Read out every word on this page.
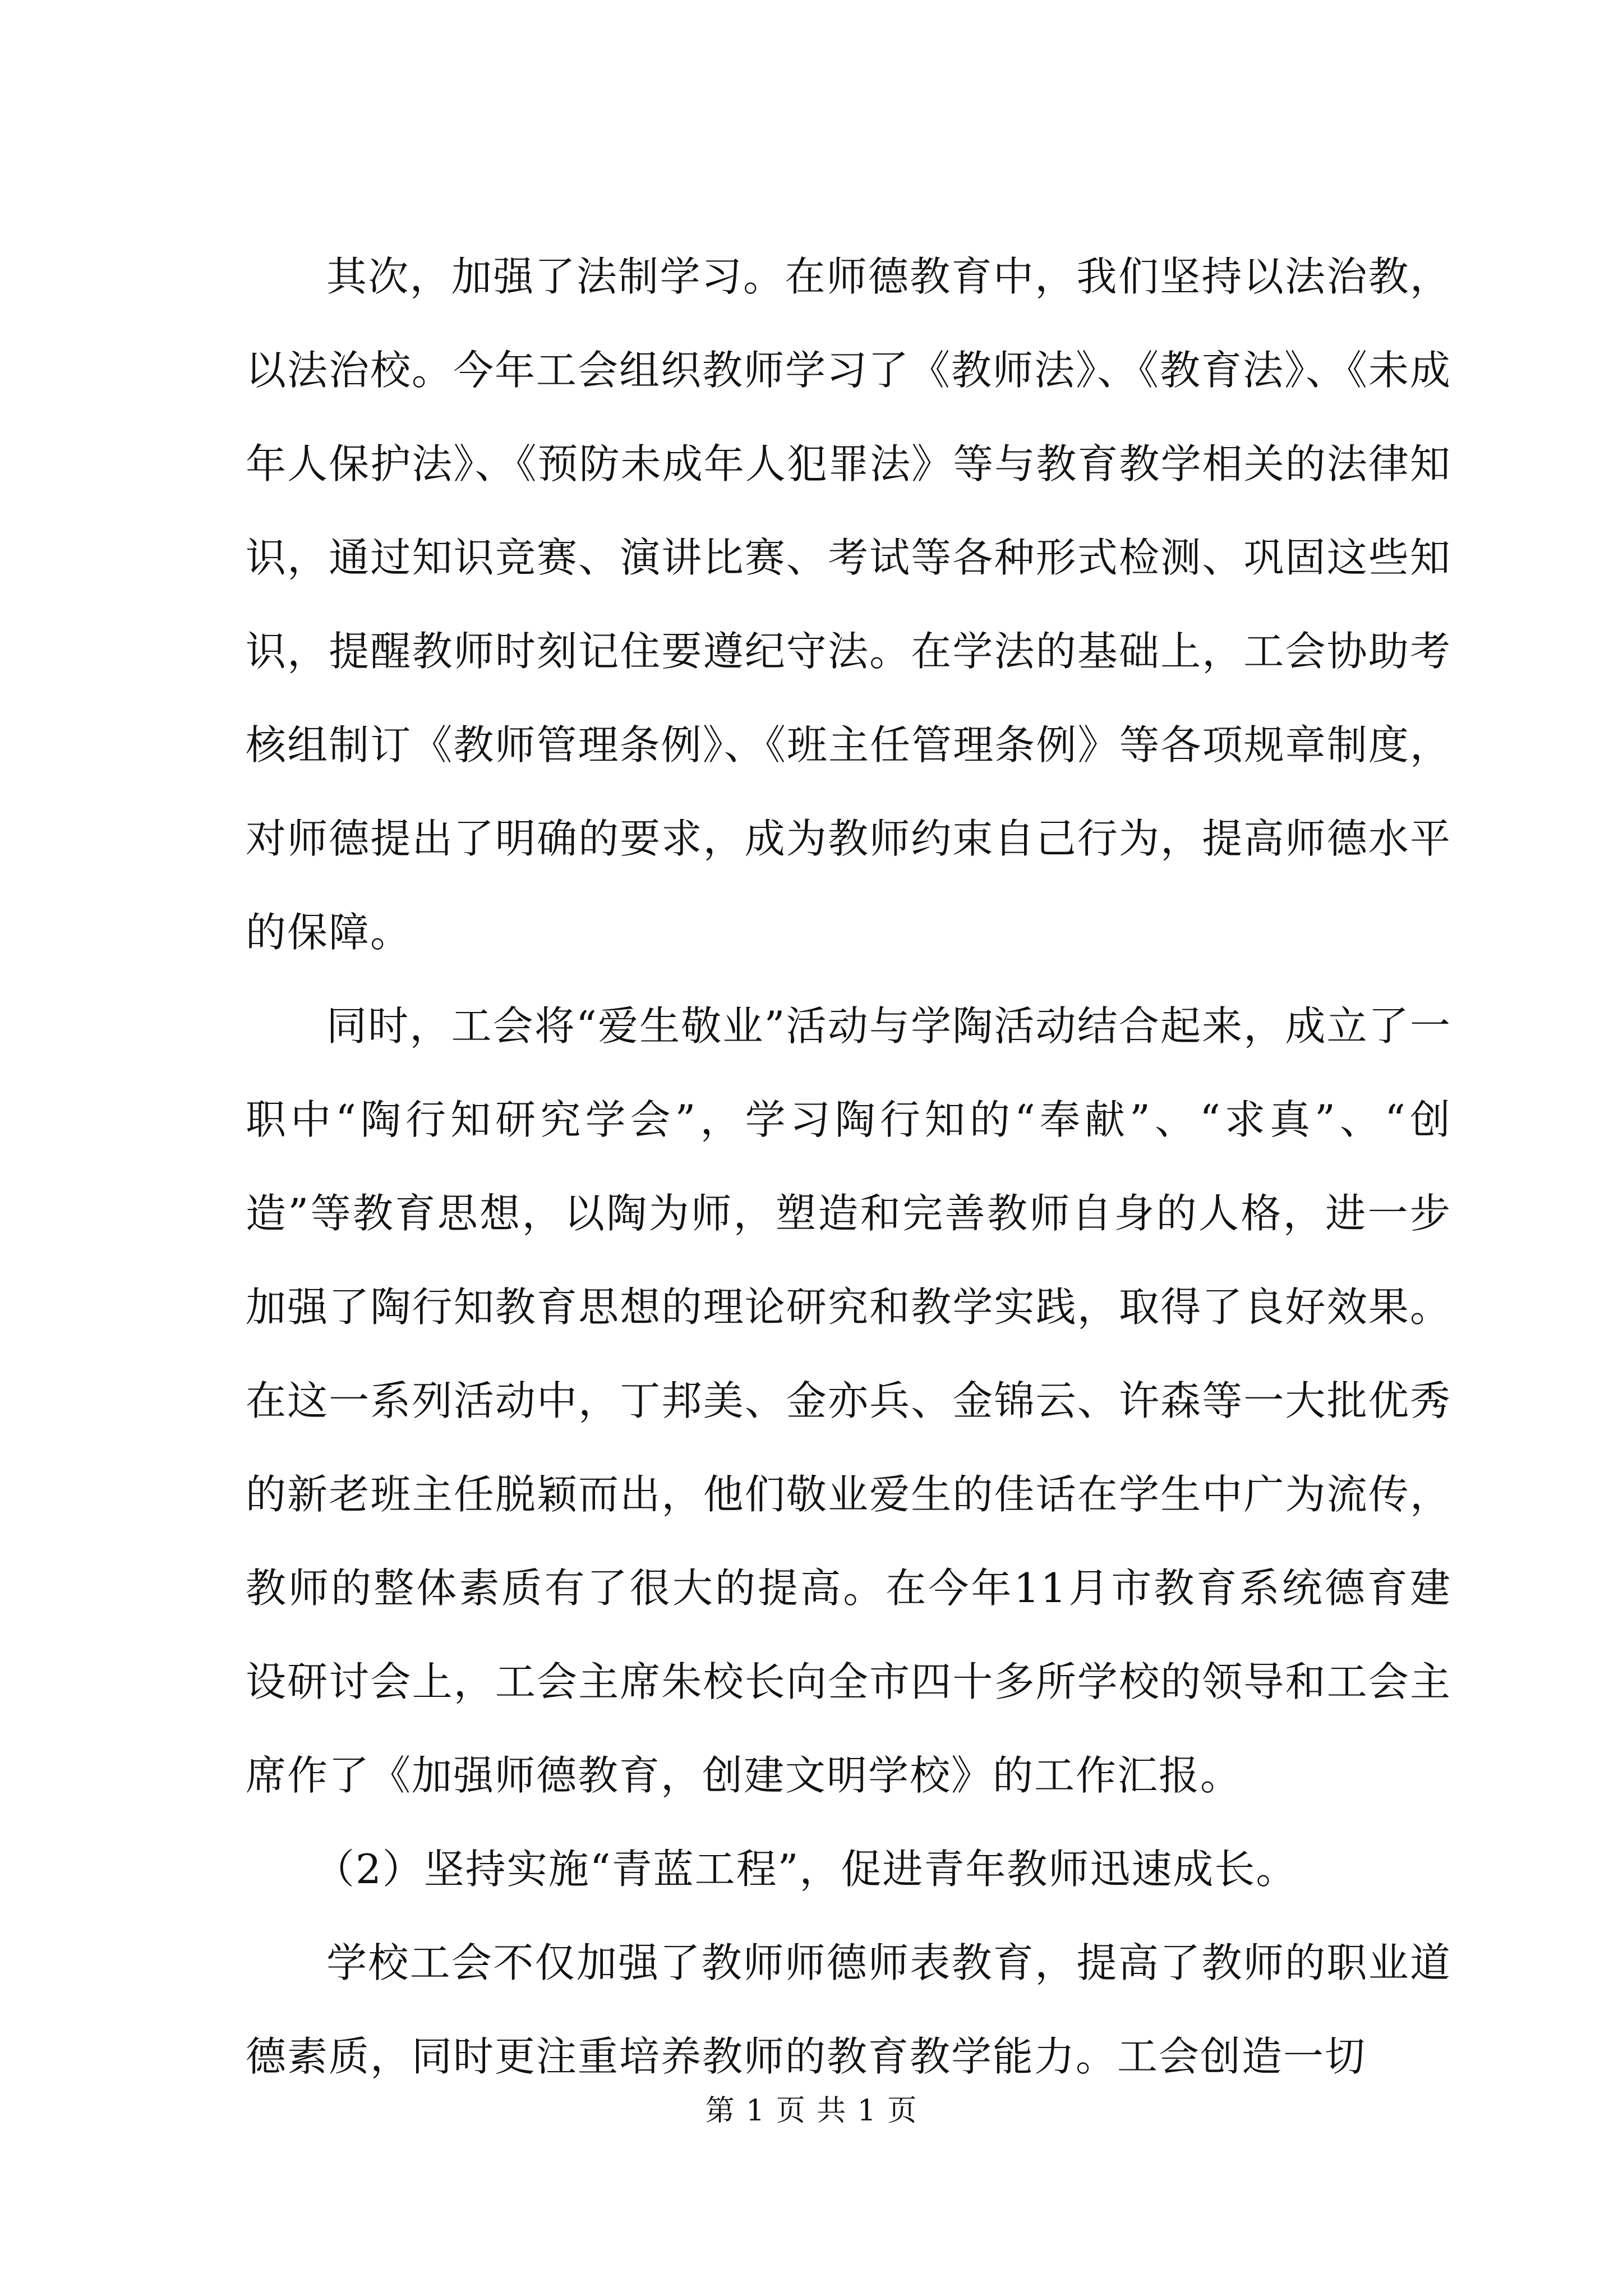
其次，加强了法制学习。在师德教育中，我们坚持以法治教，以法治校。今年工会组织教师学习了《教师法》、《教育法》、《未成年人保护法》、《预防未成年人犯罪法》等与教育教学相关的法律知识，通过知识竞赛、演讲比赛、考试等各种形式检测、巩固这些知识，提醒教师时刻记住要遵纪守法。在学法的基础上，工会协助考核组制订《教师管理条例》、《班主任管理条例》等各项规章制度，对师德提出了明确的要求，成为教师约束自己行为，提高师德水平的保障。

同时，工会将“爱生敬业”活动与学陶活动结合起来，成立了一职中“陶行知研究学会”，学习陶行知的“奉献”、“求真”、“创造”等教育思想，以陶为师，塑造和完善教师自身的人格，进一步加强了陶行知教育思想的理论研究和教学实践，取得了良好效果。在这一系列活动中，丁邦美、金亦兵、金锦云、许森等一大批优秀的新老班主任脱颖而出，他们敬业爱生的佳话在学生中广为流传，教师的整体素质有了很大的提高。在今年11月市教育系统德育建设研讨会上，工会主席朱校长向全市四十多所学校的领导和工会主席作了《加强师德教育，创建文明学校》的工作汇报。

（2）坚持实施“青蓝工程”，促进青年教师迅速成长。

学校工会不仅加强了教师师德师表教育，提高了教师的职业道德素质，同时更注重培养教师的教育教学能力。工会创造一切

第 1 页 共 1 页
